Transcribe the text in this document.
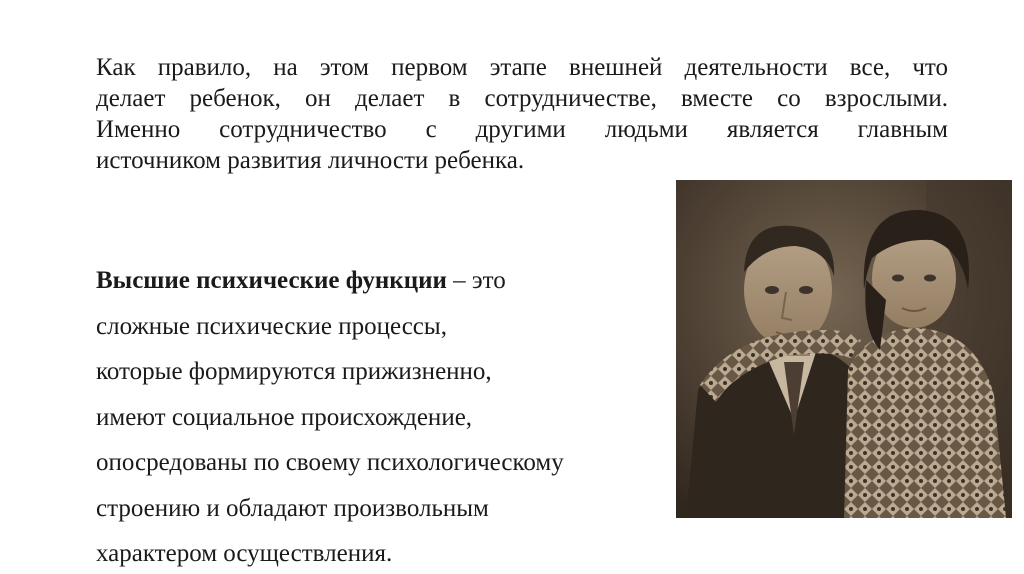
Как правило, на этом первом этапе внешней деятельности все, что
делает ребенок, он делает в сотрудничестве, вместе со взрослыми.
Именно сотрудничество с другими людьми является главным
источником развития личности ребенка.

Высшие психические функции – это
сложные психические процессы,
которые формируются прижизненно,
имеют социальное происхождение,
опосредованы по своему психологическому
строению и обладают произвольным
характером осуществления.
